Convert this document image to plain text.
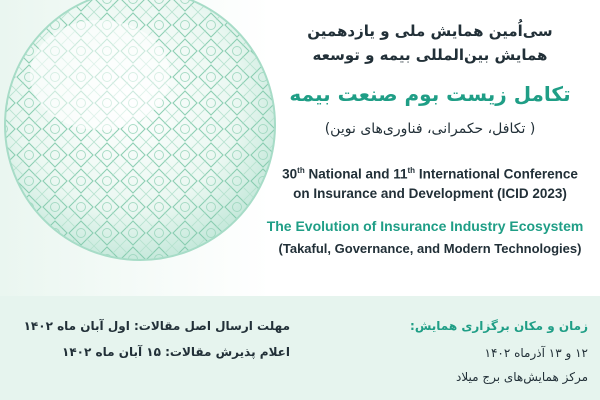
سی‌اُمین همایش ملی و یازدهمین
همایش بین‌المللی بیمه و توسعه
تکامل زیست بوم صنعت بیمه
( تکافل، حکمرانی، فناوری‌های نوین)
30th National and 11th International Conference
on Insurance and Development (ICID 2023)
The Evolution of Insurance Industry Ecosystem
(Takaful, Governance, and Modern Technologies)
مهلت ارسال اصل مقالات: اول آبان ماه ۱۴۰۲
اعلام پذیرش مقالات: ۱۵ آبان ماه ۱۴۰۲
زمان و مکان برگزاری همایش:
۱۲ و ۱۳ آذرماه ۱۴۰۲
مرکز همایش‌های برج میلاد
